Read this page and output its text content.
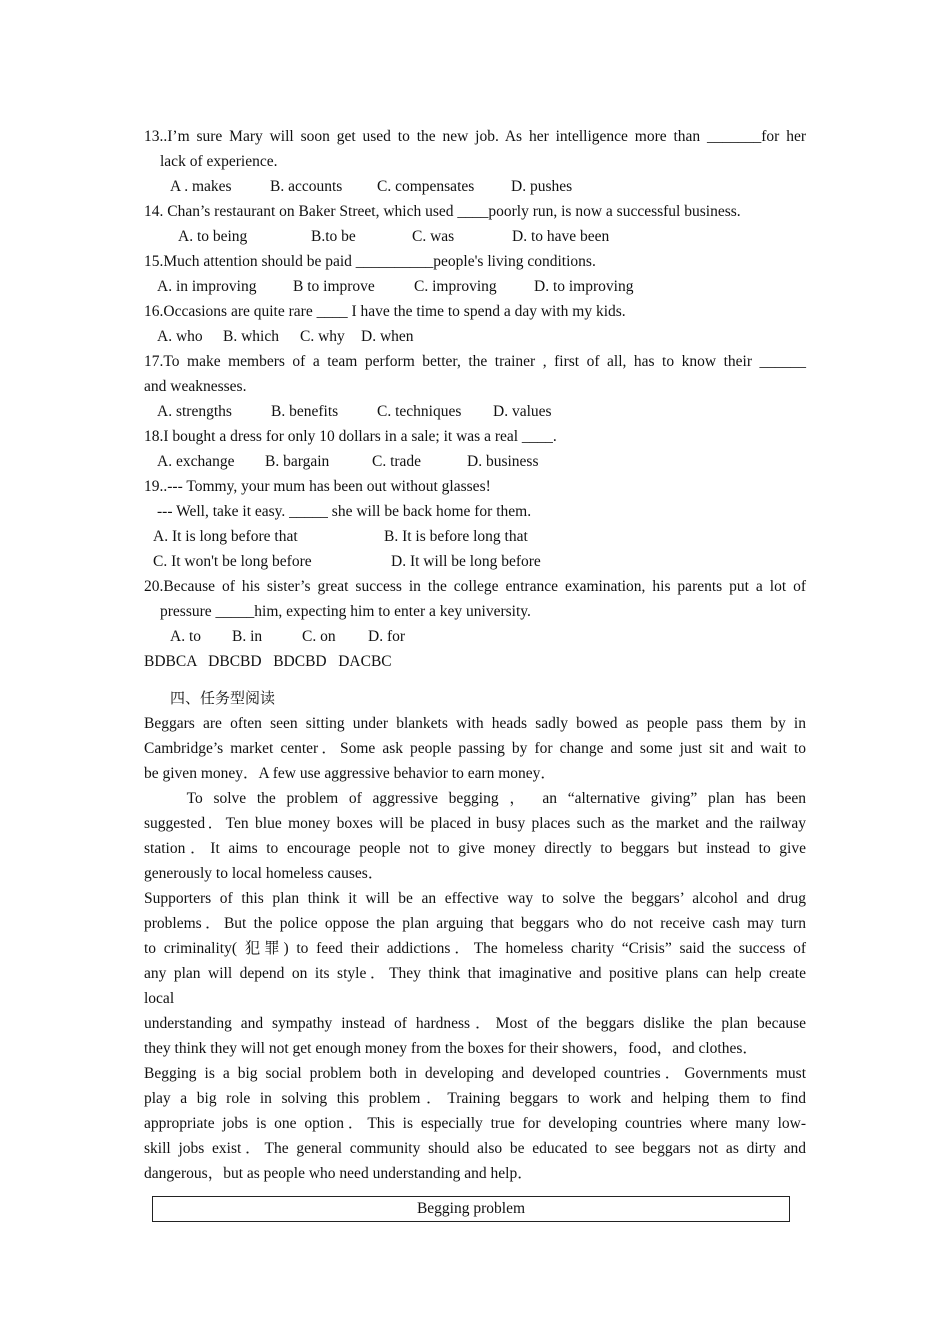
13..I’m sure Mary will soon get used to the new job. As her intelligence more than _______for her
lack of experience.
A . makes	B. accounts	C. compensates	D. pushes
14. Chan’s restaurant on Baker Street, which used ____poorly run, is now a successful business.
A. to being	B.to be	C. was	D. to have been
15.Much attention should be paid __________people's living conditions.
A. in improving	B to improve	C. improving	D. to improving
16.Occasions are quite rare ____ I have the time to spend a day with my kids.
A. who	B. which	C. why	D. when
17.To make members of a team perform better, the trainer , first of all, has to know their ______
and weaknesses.
A. strengths	B. benefits	C. techniques	D. values
18.I bought a dress for only 10 dollars in a sale; it was a real ____.
A. exchange	B. bargain	C. trade	D. business
19..--- Tommy, your mum has been out without glasses!
--- Well, take it easy. _____ she will be back home for them.
A. It is long before that	B. It is before long that
C. It won't be long before	D. It will be long before
20.Because of his sister’s great success in the college entrance examination, his parents put a lot of
pressure _____him, expecting him to enter a key university.
A. to	B. in	C. on	D. for
BDBCA   DBCBD   BDCBD   DACBC
四、任务型阅读
Beggars are often seen sitting under blankets with heads sadly bowed as people pass them by in
Cambridge’s market center．Some ask people passing by for change and some just sit and wait to
be given money．A few use aggressive behavior to earn money．
To solve the problem of aggressive begging ， an “alternative giving” plan has been
suggested．Ten blue money boxes will be placed in busy places such as the market and the railway
station．It aims to encourage people not to give money directly to beggars but instead to give
generously to local homeless causes．
Supporters of this plan think it will be an effective way to solve the beggars’ alcohol and drug
problems．But the police oppose the plan arguing that beggars who do not receive cash may turn
to criminality( 犯罪) to feed their addictions．The homeless charity “Crisis” said the success of
any plan will depend on its style．They think that imaginative and positive plans can help create
local
understanding and sympathy instead of hardness．Most of the beggars dislike the plan because
they think they will not get enough money from the boxes for their showers，food，and clothes．
Begging is a big social problem both in developing and developed countries．Governments must
play a big role in solving this problem．Training beggars to work and helping them to find
appropriate jobs is one option．This is especially true for developing countries where many low-
skill jobs exist．The general community should also be educated to see beggars not as dirty and
dangerous，but as people who need understanding and help．
Begging problem
